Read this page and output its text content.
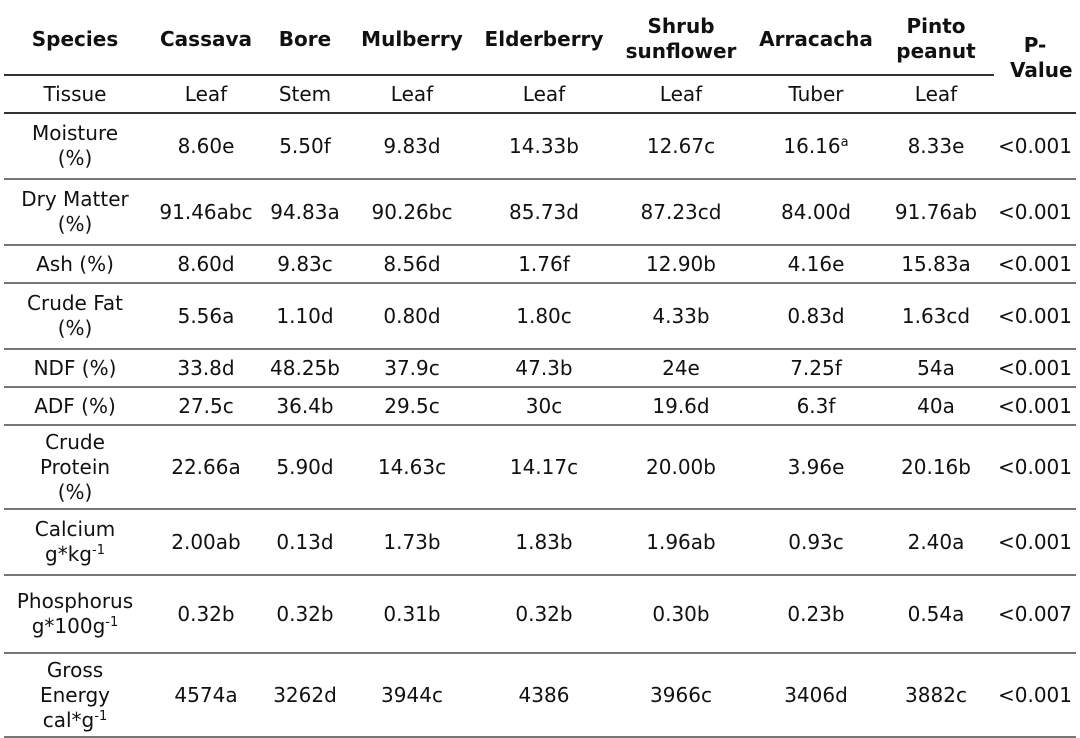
Species	Cassava	Bore	Mulberry	Elderberry	Shrub sunflower	Arracacha	Pinto peanut	P-Value
Tissue	Leaf	Stem	Leaf	Leaf	Leaf	Tuber	Leaf	
Moisture (%)	8.60e	5.50f	9.83d	14.33b	12.67c	16.16$^a$	8.33e	<0.001
Dry Matter (%)	91.46abc	94.83a	90.26bc	85.73d	87.23cd	84.00d	91.76ab	<0.001
Ash (%)	8.60d	9.83c	8.56d	1.76f	12.90b	4.16e	15.83a	<0.001
Crude Fat (%)	5.56a	1.10d	0.80d	1.80c	4.33b	0.83d	1.63cd	<0.001
NDF (%)	33.8d	48.25b	37.9c	47.3b	24e	7.25f	54a	<0.001
ADF (%)	27.5c	36.4b	29.5c	30c	19.6d	6.3f	40a	<0.001
Crude Protein (%)	22.66a	5.90d	14.63c	14.17c	20.00b	3.96e	20.16b	<0.001
Calcium
$g*kg^{-1}$	2.00ab	0.13d	1.73b	1.83b	1.96ab	0.93c	2.40a	<0.001
Phosphorus
$g*100g^{-1}$	0.32b	0.32b	0.31b	0.32b	0.30b	0.23b	0.54a	<0.007
Gross Energy
$cal*g^{-1}$	4574a	3262d	3944c	4386	3966c	3406d	3882c	<0.001
